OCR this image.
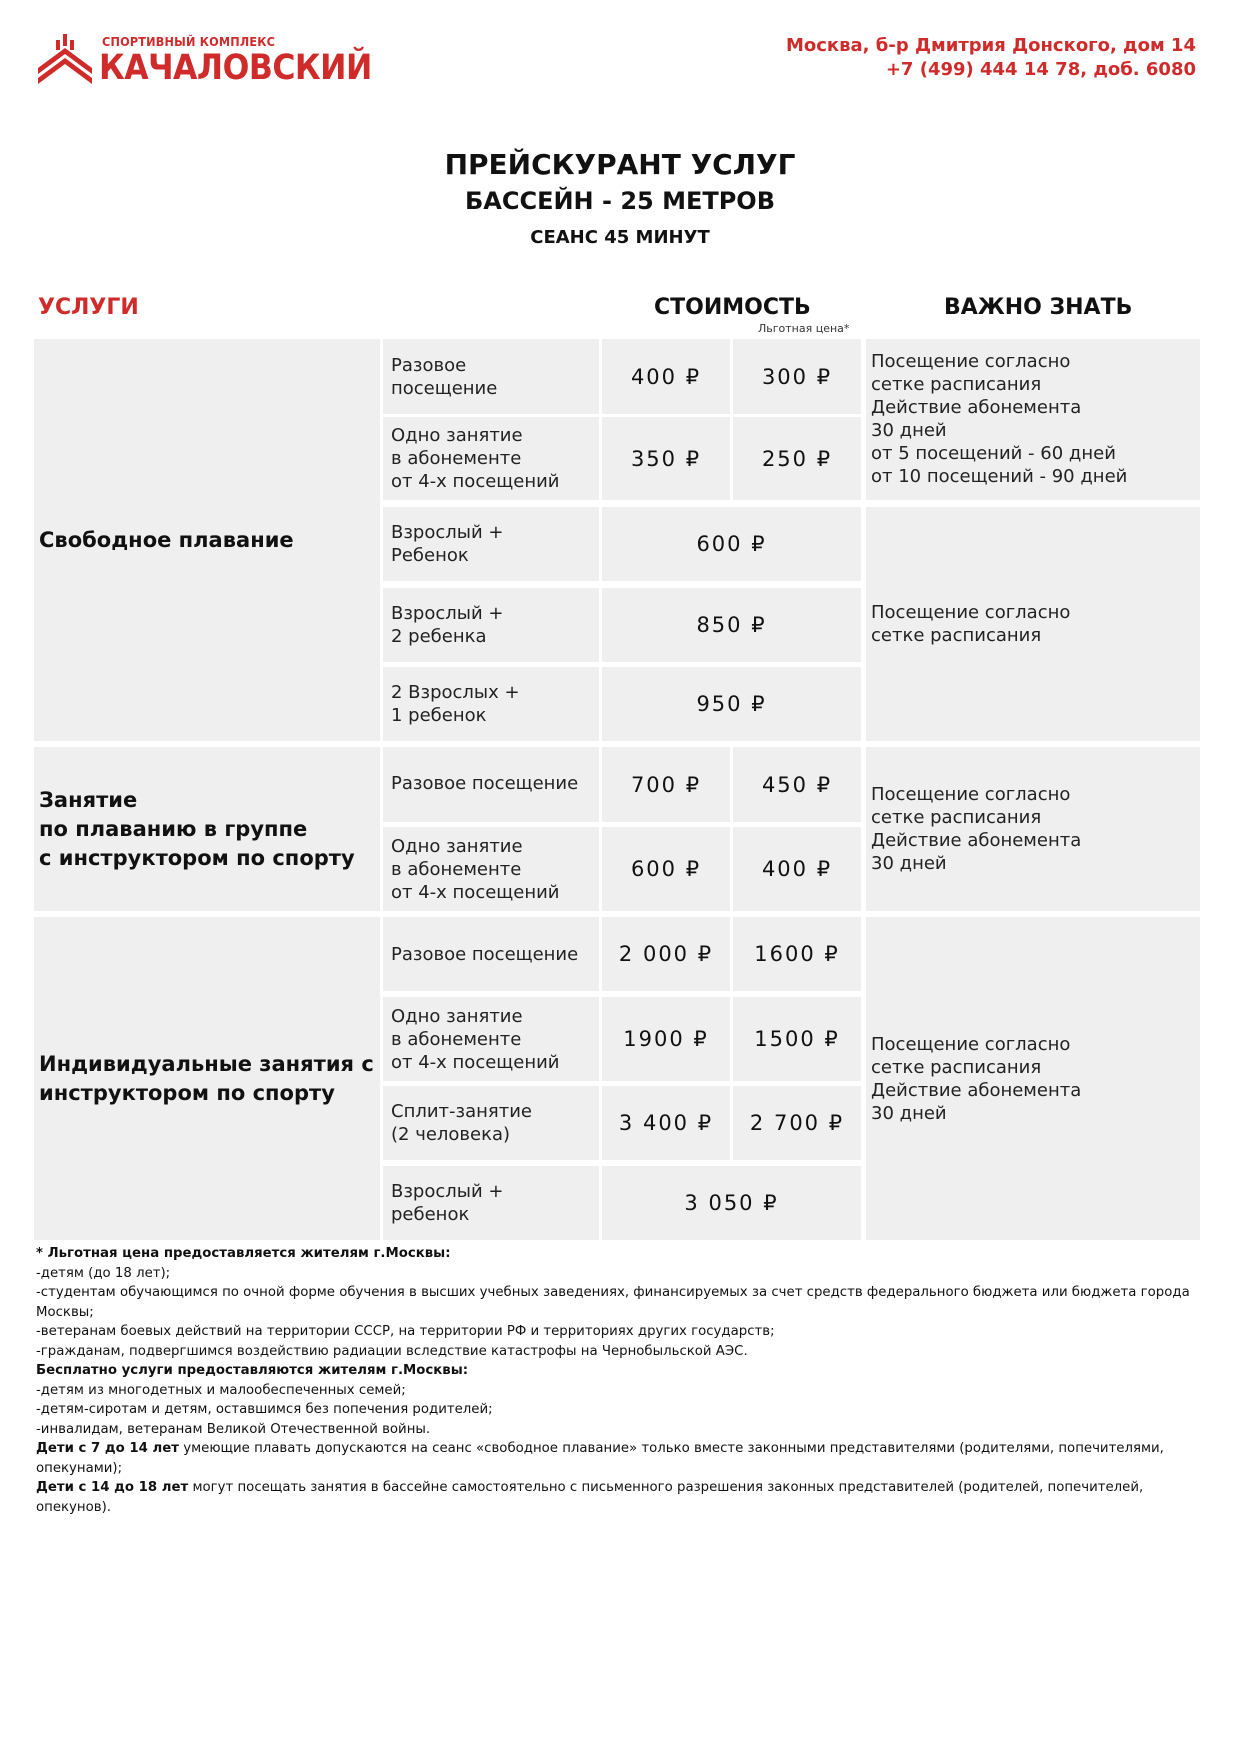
СПОРТИВНЫЙ КОМПЛЕКС
КАЧАЛОВСКИЙ
Москва, б-р Дмитрия Донского, дом 14
+7 (499) 444 14 78, доб. 6080
ПРЕЙСКУРАНТ УСЛУГ
БАССЕЙН - 25 МЕТРОВ
СЕАНС 45 МИНУТ
УСЛУГИ	СТОИМОСТЬ	ВАЖНО ЗНАТЬ
Льготная цена*
Свободное плавание
Разовое
посещение	400 ₽	300 ₽
Одно занятие
в абонементе
от 4-х посещений
350 ₽	250 ₽
Взрослый +
Ребенок	600 ₽
Взрослый +
2 ребенка	850 ₽
2 Взрослых +
1 ребенок	950 ₽
Посещение согласно
сетке расписания
Действие абонемента
30 дней
от 5 посещений - 60 дней
от 10 посещений - 90 дней
Посещение согласно
сетке расписания
Занятие
по плаванию в группе
с инструктором по спорту
Разовое посещение	700 ₽	450 ₽
Одно занятие
в абонементе
от 4-х посещений
600 ₽	400 ₽
Посещение согласно
сетке расписания
Действие абонемента
30 дней
Индивидуальные занятия с
инструктором по спорту
Разовое посещение 2 000 ₽ 1600 ₽
Одно занятие
в абонементе
от 4-х посещений
1900 ₽ 1500 ₽
Сплит-занятие
(2 человека)	3 400 ₽ 2 700 ₽
Взрослый +
ребенок	3 050 ₽
Посещение согласно
сетке расписания
Действие абонемента
30 дней

* Льготная цена предоставляется жителям г.Москвы:

-детям (до 18 лет);

-студентам обучающимся по очной форме обучения в высших учебных заведениях, финансируемых за счет средств федерального бюджета или бюджета города Москвы;

-ветеранам боевых действий на территории СССР, на территории РФ и территориях других государств;

-гражданам, подвергшимся воздействию радиации вследствие катастрофы на Чернобыльской АЭС.

Бесплатно услуги предоставляются жителям г.Москвы:

-детям из многодетных и малообеспеченных семей;

-детям-сиротам и детям, оставшимся без попечения родителей;

-инвалидам, ветеранам Великой Отечественной войны.

Дети с 7 до 14 лет умеющие плавать допускаются на сеанс «свободное плавание» только вместе законными представителями (родителями, попечителями, опекунами);

Дети с 14 до 18 лет могут посещать занятия в бассейне самостоятельно с письменного разрешения законных представителей (родителей, попечителей, опекунов).
